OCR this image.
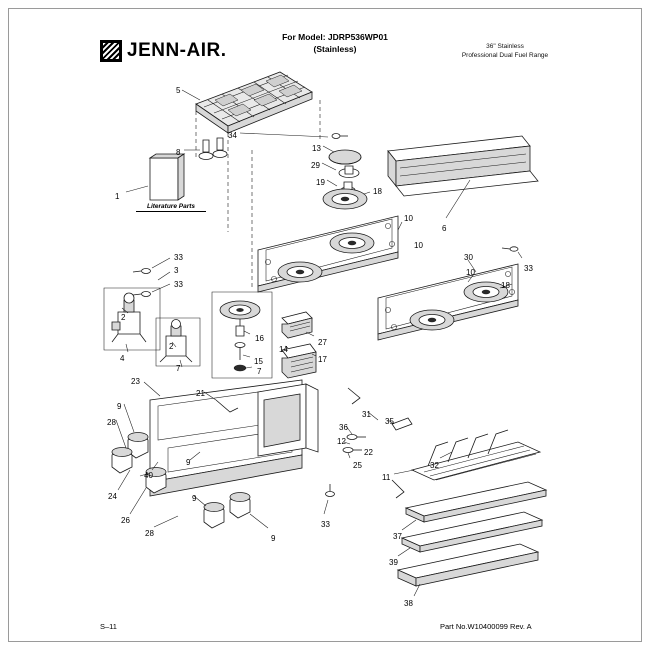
JENN-AIR.
For Model: JDRP536WP01
(Stainless)	36" Stainless
Professional Dual Fuel Range
Literature Parts
S–11	Part No.W10400099 Rev. A
5
8
1
34
13
29
19
18
10
6
30
10
10	33
18
33
3
33
2
2
4
7
16
15
7
14
17
27
23
21
9
28
9
40
24
26
28
9
9
33
25
22
12
36
31
35
11
32
37
39
38
